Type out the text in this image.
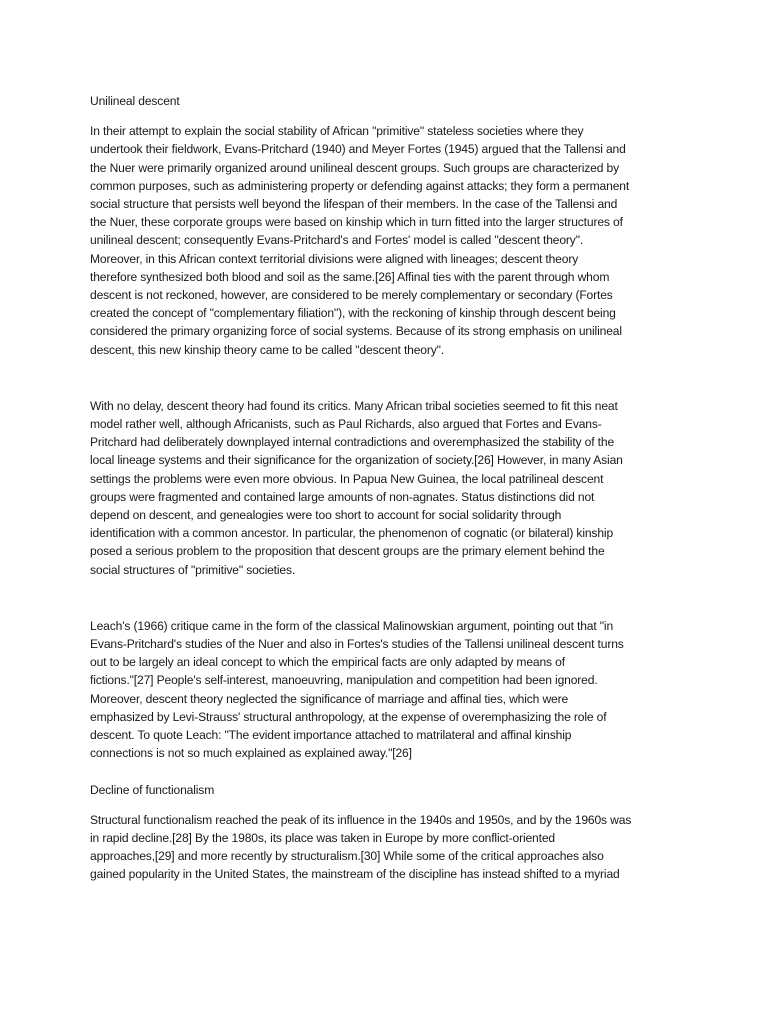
Unilineal descent

In their attempt to explain the social stability of African "primitive" stateless societies where they
undertook their fieldwork, Evans-Pritchard (1940) and Meyer Fortes (1945) argued that the Tallensi and
the Nuer were primarily organized around unilineal descent groups. Such groups are characterized by
common purposes, such as administering property or defending against attacks; they form a permanent
social structure that persists well beyond the lifespan of their members. In the case of the Tallensi and
the Nuer, these corporate groups were based on kinship which in turn fitted into the larger structures of
unilineal descent; consequently Evans-Pritchard's and Fortes' model is called "descent theory".
Moreover, in this African context territorial divisions were aligned with lineages; descent theory
therefore synthesized both blood and soil as the same.[26] Affinal ties with the parent through whom
descent is not reckoned, however, are considered to be merely complementary or secondary (Fortes
created the concept of "complementary filiation"), with the reckoning of kinship through descent being
considered the primary organizing force of social systems. Because of its strong emphasis on unilineal
descent, this new kinship theory came to be called "descent theory".

With no delay, descent theory had found its critics. Many African tribal societies seemed to fit this neat
model rather well, although Africanists, such as Paul Richards, also argued that Fortes and Evans-
Pritchard had deliberately downplayed internal contradictions and overemphasized the stability of the
local lineage systems and their significance for the organization of society.[26] However, in many Asian
settings the problems were even more obvious. In Papua New Guinea, the local patrilineal descent
groups were fragmented and contained large amounts of non-agnates. Status distinctions did not
depend on descent, and genealogies were too short to account for social solidarity through
identification with a common ancestor. In particular, the phenomenon of cognatic (or bilateral) kinship
posed a serious problem to the proposition that descent groups are the primary element behind the
social structures of "primitive" societies.

Leach's (1966) critique came in the form of the classical Malinowskian argument, pointing out that "in
Evans-Pritchard's studies of the Nuer and also in Fortes's studies of the Tallensi unilineal descent turns
out to be largely an ideal concept to which the empirical facts are only adapted by means of
fictions."[27] People's self-interest, manoeuvring, manipulation and competition had been ignored.
Moreover, descent theory neglected the significance of marriage and affinal ties, which were
emphasized by Levi-Strauss' structural anthropology, at the expense of overemphasizing the role of
descent. To quote Leach: "The evident importance attached to matrilateral and affinal kinship
connections is not so much explained as explained away."[26]

Decline of functionalism

Structural functionalism reached the peak of its influence in the 1940s and 1950s, and by the 1960s was
in rapid decline.[28] By the 1980s, its place was taken in Europe by more conflict-oriented
approaches,[29] and more recently by structuralism.[30] While some of the critical approaches also
gained popularity in the United States, the mainstream of the discipline has instead shifted to a myriad
